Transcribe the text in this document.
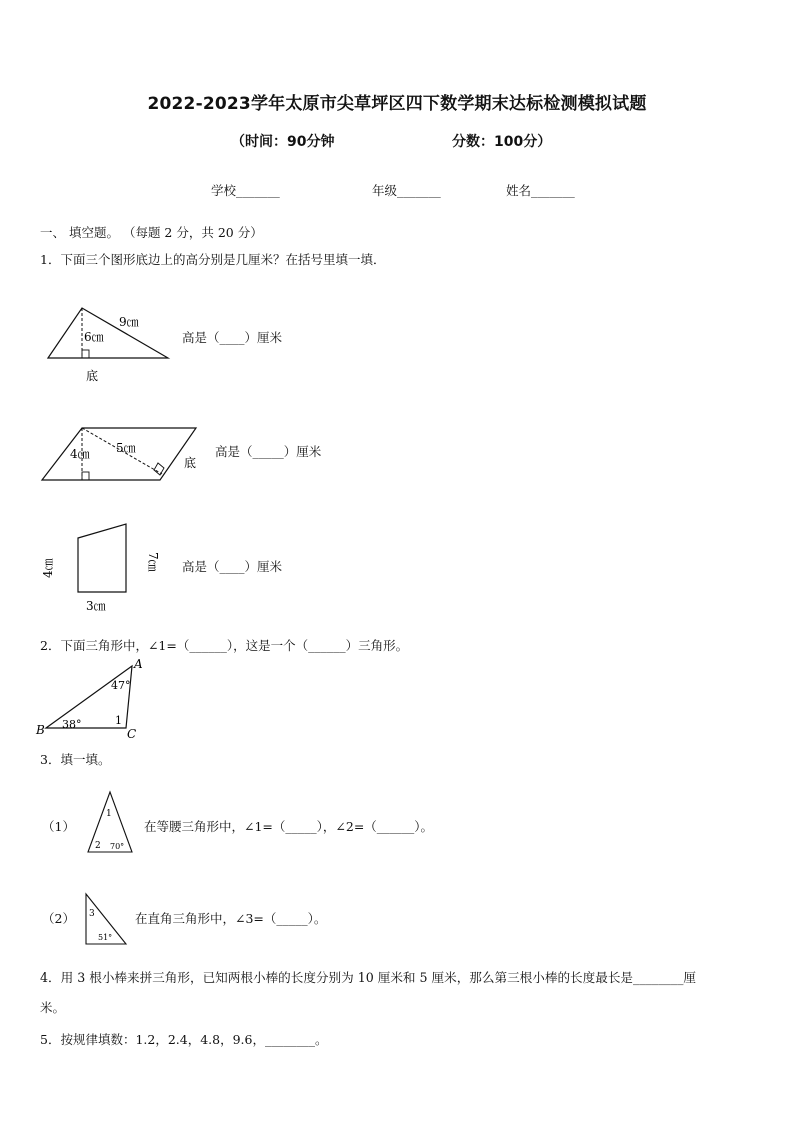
2022-2023学年太原市尖草坪区四下数学期末达标检测模拟试题
（时间：90分钟	分数：100分）
学校_______	年级_______	姓名_______
一、 填空题。 （每题 2 分，共 20 分）
1．下面三个图形底边上的高分别是几厘米？在括号里填一填．
9㎝
6㎝
底
高是（____）厘米
5㎝
4㎝
底
高是（_____）厘米
4㎝	7㎝
3㎝
高是（____）厘米
2．下面三角形中，∠1=（______），这是一个（______）三角形。
A
B	C
47°
38°	1
3．填一填。
（1）
1
2 70°
在等腰三角形中，∠1=（_____），∠2=（______）。
（2） 3
51°
在直角三角形中，∠3=（_____）。
4．用 3 根小棒来拼三角形，已知两根小棒的长度分别为 10 厘米和 5 厘米，那么第三根小棒的长度最长是________厘
米。
5．按规律填数：1.2，2.4，4.8，9.6，________。
